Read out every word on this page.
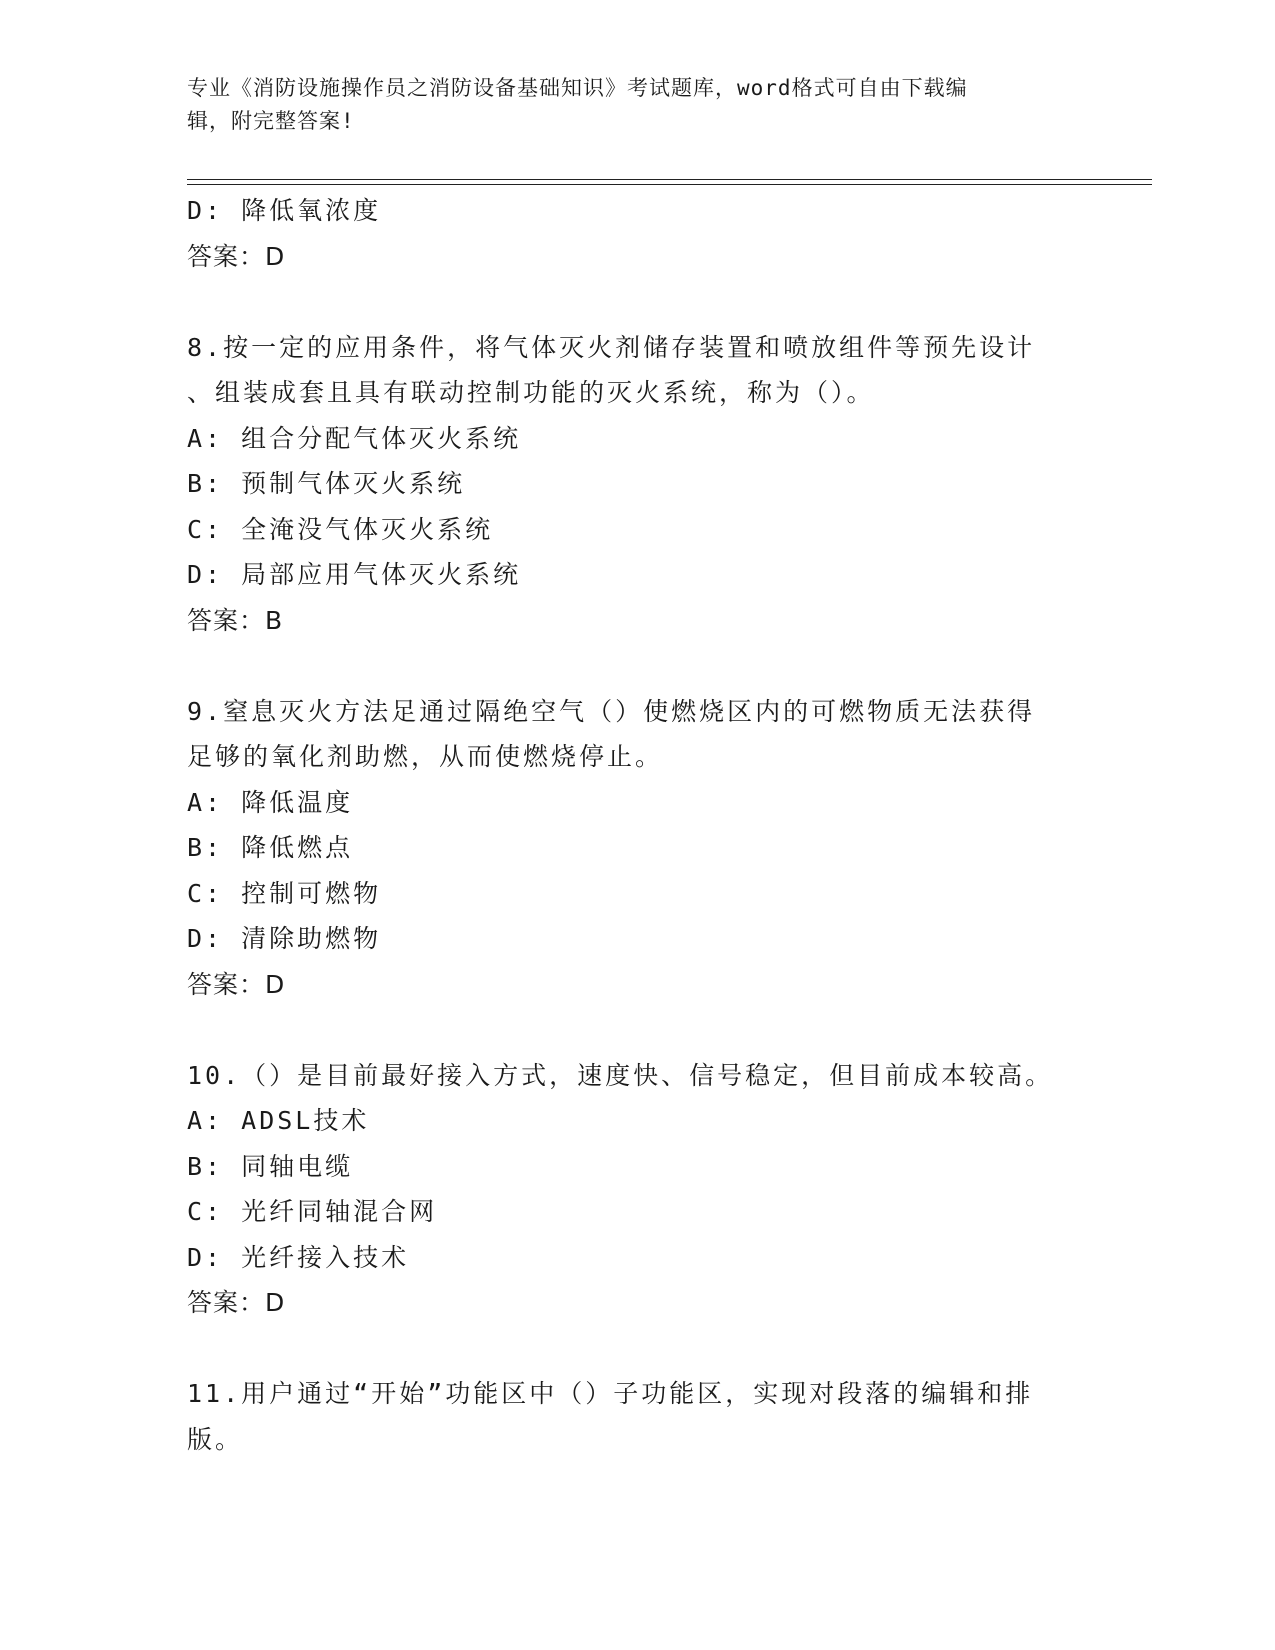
专业《消防设施操作员之消防设备基础知识》考试题库，word格式可自由下载编
辑，附完整答案!
D: 降低氧浓度
答案：D
8.按一定的应用条件，将气体灭火剂储存装置和喷放组件等预先设计
、组装成套且具有联动控制功能的灭火系统，称为（）。
A: 组合分配气体灭火系统
B: 预制气体灭火系统
C: 全淹没气体灭火系统
D: 局部应用气体灭火系统
答案：B
9.窒息灭火方法足通过隔绝空气（）使燃烧区内的可燃物质无法获得
足够的氧化剂助燃，从而使燃烧停止。
A: 降低温度
B: 降低燃点
C: 控制可燃物
D: 清除助燃物
答案：D
10.（）是目前最好接入方式，速度快、信号稳定，但目前成本较高。
A: ADSL技术
B: 同轴电缆
C: 光纤同轴混合网
D: 光纤接入技术
答案：D
11.用户通过“开始”功能区中（）子功能区，实现对段落的编辑和排
版。
